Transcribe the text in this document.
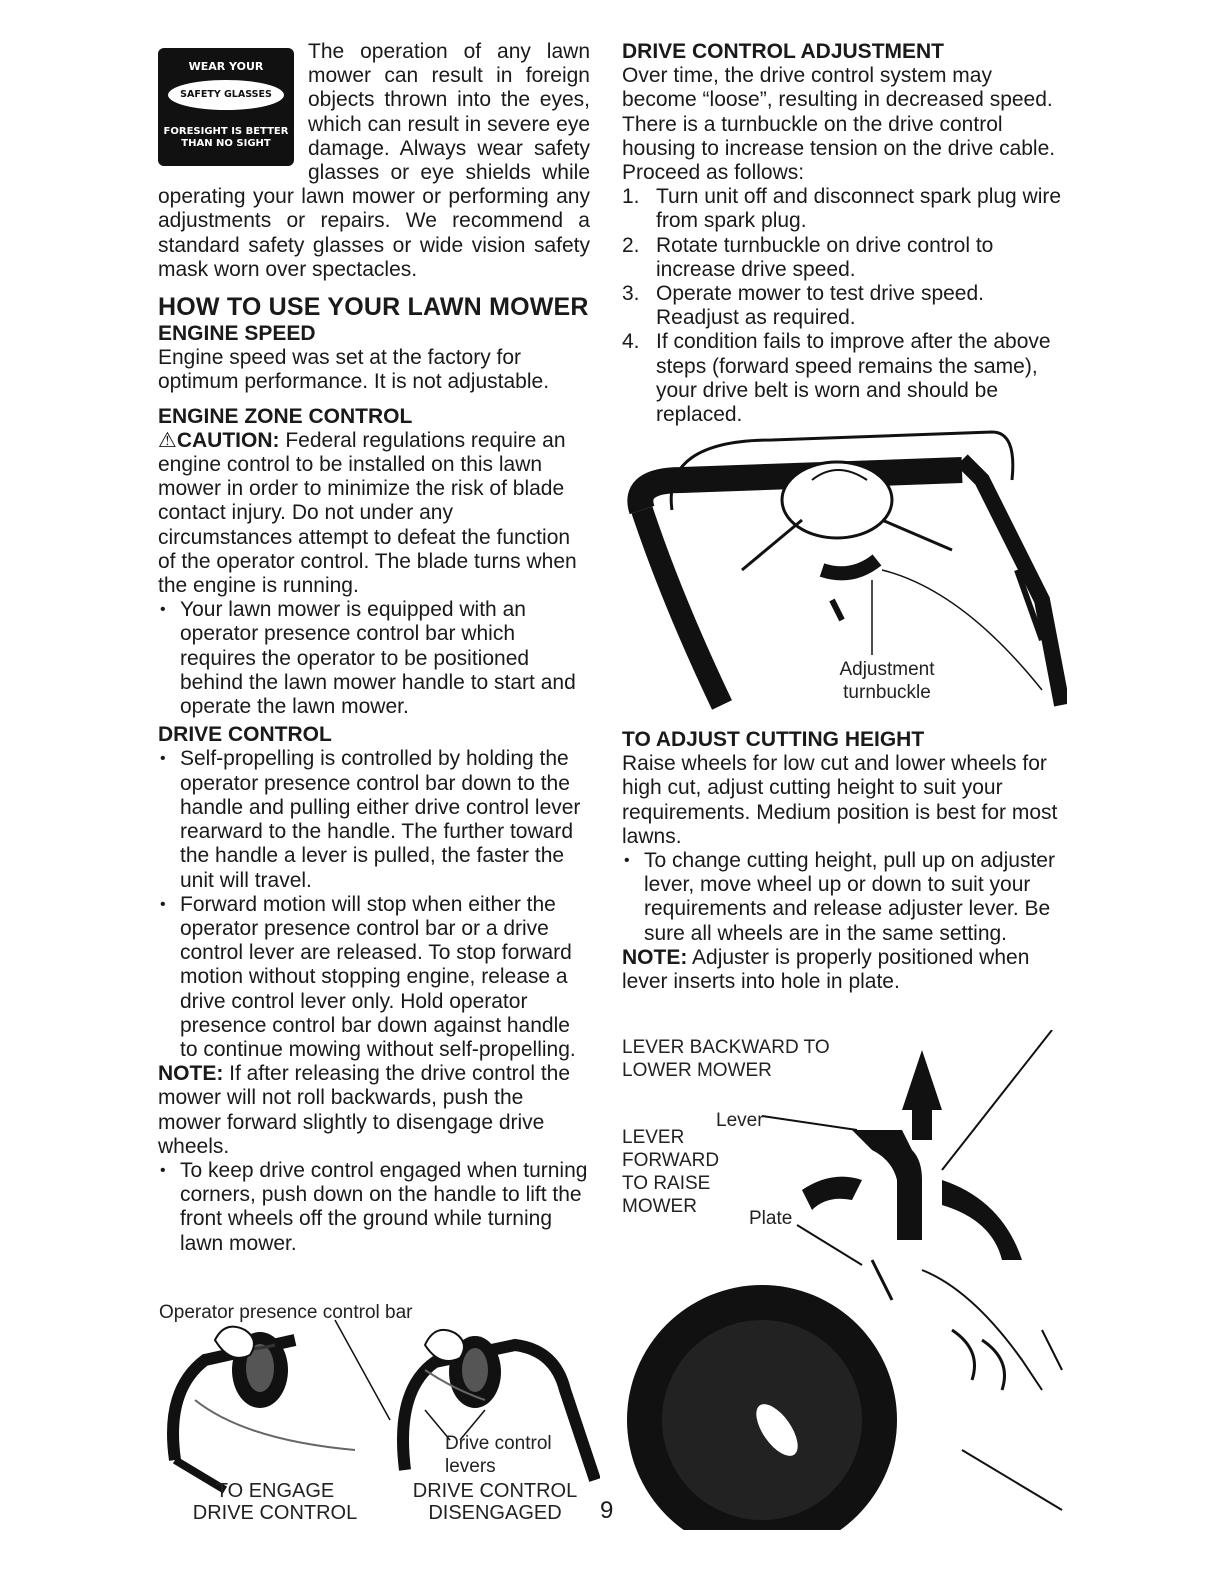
WEAR YOUR
SAFETY GLASSES
FORESIGHT IS BETTER
THAN NO SIGHT

The operation of any lawn mower can result in foreign objects thrown into the eyes, which can result in severe eye damage. Always wear safety glasses or eye shields while operating your lawn mower or performing any adjustments or repairs. We recommend a standard safety glasses or wide vision safety mask worn over spectacles.

HOW TO USE YOUR LAWN MOWER
ENGINE SPEED

Engine speed was set at the factory for optimum performance. It is not adjustable.

ENGINE ZONE CONTROL

⚠CAUTION: Federal regulations require an engine control to be installed on this lawn mower in order to minimize the risk of blade contact injury. Do not under any circumstances attempt to defeat the function of the operator control. The blade turns when the engine is running.

• Your lawn mower is equipped with an operator presence control bar which requires the operator to be positioned behind the lawn mower handle to start and operate the lawn mower.
DRIVE CONTROL
• Self-propelling is controlled by holding the operator presence control bar down to the handle and pulling either drive control lever rearward to the handle. The further toward the handle a lever is pulled, the faster the unit will travel.
• Forward motion will stop when either the operator presence control bar or a drive control lever are released. To stop forward motion without stopping engine, release a drive control lever only. Hold operator presence control bar down against handle to continue mowing without self-propelling.

NOTE: If after releasing the drive control the mower will not roll backwards, push the mower forward slightly to disengage drive wheels.

• To keep drive control engaged when turning corners, push down on the handle to lift the front wheels off the ground while turning lawn mower.
Operator presence control bar
Drive control levers
TO ENGAGE DRIVE CONTROL
DRIVE CONTROL DISENGAGED	9
DRIVE CONTROL ADJUSTMENT

Over time, the drive control system may become “loose”, resulting in decreased speed. There is a turnbuckle on the drive control housing to increase tension on the drive cable. Proceed as follows:

1. Turn unit off and disconnect spark plug wire from spark plug.
2. Rotate turnbuckle on drive control to increase drive speed.
3. Operate mower to test drive speed. Readjust as required.
4. If condition fails to improve after the above steps (forward speed remains the same), your drive belt is worn and should be replaced.
Adjustment turnbuckle
TO ADJUST CUTTING HEIGHT

Raise wheels for low cut and lower wheels for high cut, adjust cutting height to suit your requirements. Medium position is best for most lawns.

• To change cutting height, pull up on adjuster lever, move wheel up or down to suit your requirements and release adjuster lever. Be sure all wheels are in the same setting.

NOTE: Adjuster is properly positioned when lever inserts into hole in plate.

LEVER BACKWARD TO LOWER MOWER
Lever
LEVER FORWARD TO RAISE MOWER
Plate
